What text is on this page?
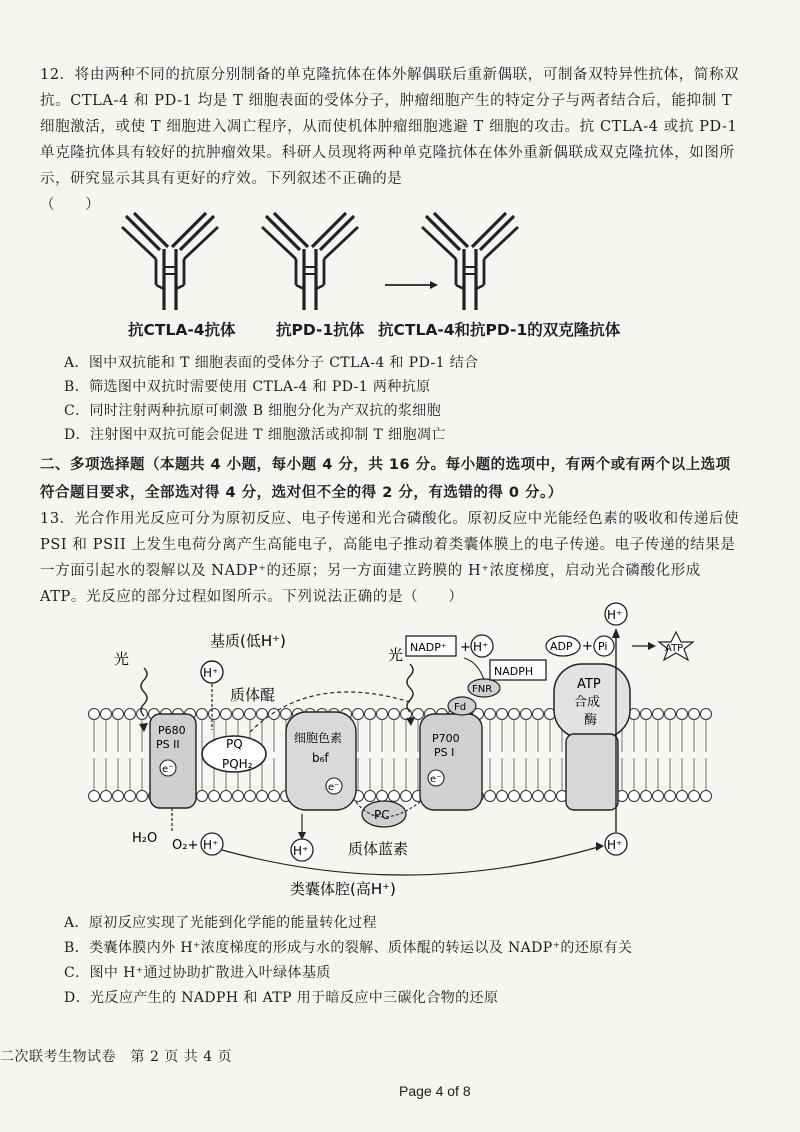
12．将由两种不同的抗原分别制备的单克隆抗体在体外解偶联后重新偶联，可制备双特异性抗体，简称双抗。CTLA-4 和 PD-1 均是 T 细胞表面的受体分子，肿瘤细胞产生的特定分子与两者结合后，能抑制 T 细胞激活，或使 T 细胞进入凋亡程序，从而使机体肿瘤细胞逃避 T 细胞的攻击。抗 CTLA-4 或抗 PD-1 单克隆抗体具有较好的抗肿瘤效果。科研人员现将两种单克隆抗体在体外重新偶联成双克隆抗体，如图所示，研究显示其具有更好的疗效。下列叙述不正确的是
（　　）
抗CTLA-4抗体	抗PD-1抗体 抗CTLA-4和抗PD-1的双克隆抗体
A．图中双抗能和 T 细胞表面的受体分子 CTLA-4 和 PD-1 结合
B．筛选图中双抗时需要使用 CTLA-4 和 PD-1 两种抗原
C．同时注射两种抗原可刺激 B 细胞分化为产双抗的浆细胞
D．注射图中双抗可能会促进 T 细胞激活或抑制 T 细胞凋亡
二、多项选择题（本题共 4 小题，每小题 4 分，共 16 分。每小题的选项中，有两个或有两个以上选项符合题目要求，全部选对得 4 分，选对但不全的得 2 分，有选错的得 0 分。）
13．光合作用光反应可分为原初反应、电子传递和光合磷酸化。原初反应中光能经色素的吸收和传递后使 PSI 和 PSII 上发生电荷分离产生高能电子，高能电子推动着类囊体膜上的电子传递。电子传递的结果是一方面引起水的裂解以及 NADP⁺的还原；另一方面建立跨膜的 H⁺浓度梯度，启动光合磷酸化形成 ATP。光反应的部分过程如图所示。下列说法正确的是（　　）
基质(低H⁺)
光
H⁺
质体醌
P680
PS II
e⁻
PQ
PQH₂
细胞色素
b₆f
e⁻
PC
质体蓝素
光
P700
PS I
e⁻
Fd
FNR
NADP⁺ + H⁺
NADPH
ATP
合成
酶
ADP + Pi	ATP
H⁺
H₂O O₂+ H⁺	H⁺	H⁺
类囊体腔(高H⁺)
A．原初反应实现了光能到化学能的能量转化过程
B．类囊体膜内外 H⁺浓度梯度的形成与水的裂解、质体醌的转运以及 NADP⁺的还原有关
C．图中 H⁺通过协助扩散进入叶绿体基质
D．光反应产生的 NADPH 和 ATP 用于暗反应中三碳化合物的还原
二次联考生物试卷　第 2 页 共 4 页
Page 4 of 8
